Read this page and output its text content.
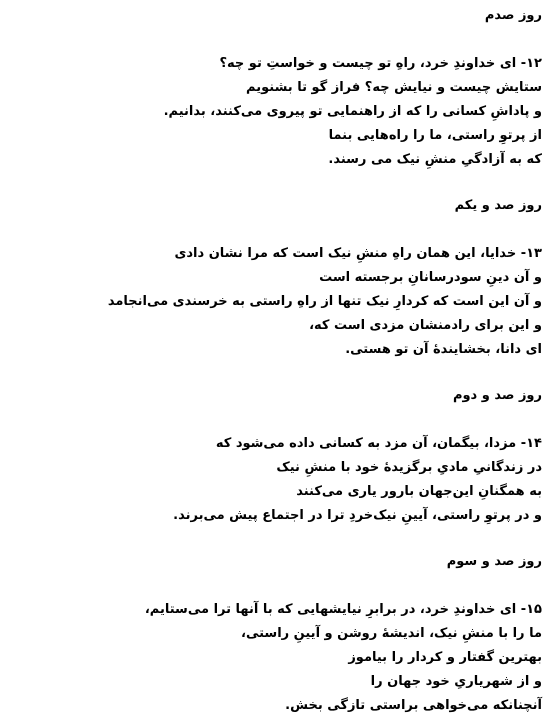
روز صدم

۱۲- ای خداوندِ خرد، راهِ تو چیست و خواستِ تو چه؟

ستایش چیست و نیایش چه؟ فراز گو تا بشنویم

و پاداشِ کسانی را که از راهنمایی تو پیروی می‌کنند، بدانیم.

از پرتوِ راستی، ما را راه‌هایی بنما

که به آزادگیِ منشِ نیک می رسند.

روز صد و یکم

۱۳- خدایا، این همان راهِ منشِ نیک است که مرا نشان دادی

و آن دینِ سودرسانانِ برجسته است

و آن این است که کردارِ نیک تنها از راهِ راستی به خرسندی می‌انجامد

و این برای رادمنشان مزدی است که،

ای دانا، بخشایندهٔ آن تو هستی.

روز صد و دوم

۱۴- مزدا، بیگمان، آن مزد به کسانی داده می‌شود که

در زندگانیِ مادیِ برگزیدهٔ خود با منشِ نیک

به همگنانِ این‌جهان بارور یاری می‌کنند

و در پرتوِ راستی، آیینِ نیک‌خردِ ترا در اجتماع پیش می‌برند.

روز صد و سوم

۱۵- ای خداوندِ خرد، در برابرِ نیایشهایی که با آنها ترا می‌ستایم،

ما را با منشِ نیک، اندیشهٔ روشن و آیینِ راستی،

بهترین گفتار و کردار را بیاموز

و از شهریاریِ خود جهان را

آنچنانکه می‌خواهی براستی تازگی بخش.
